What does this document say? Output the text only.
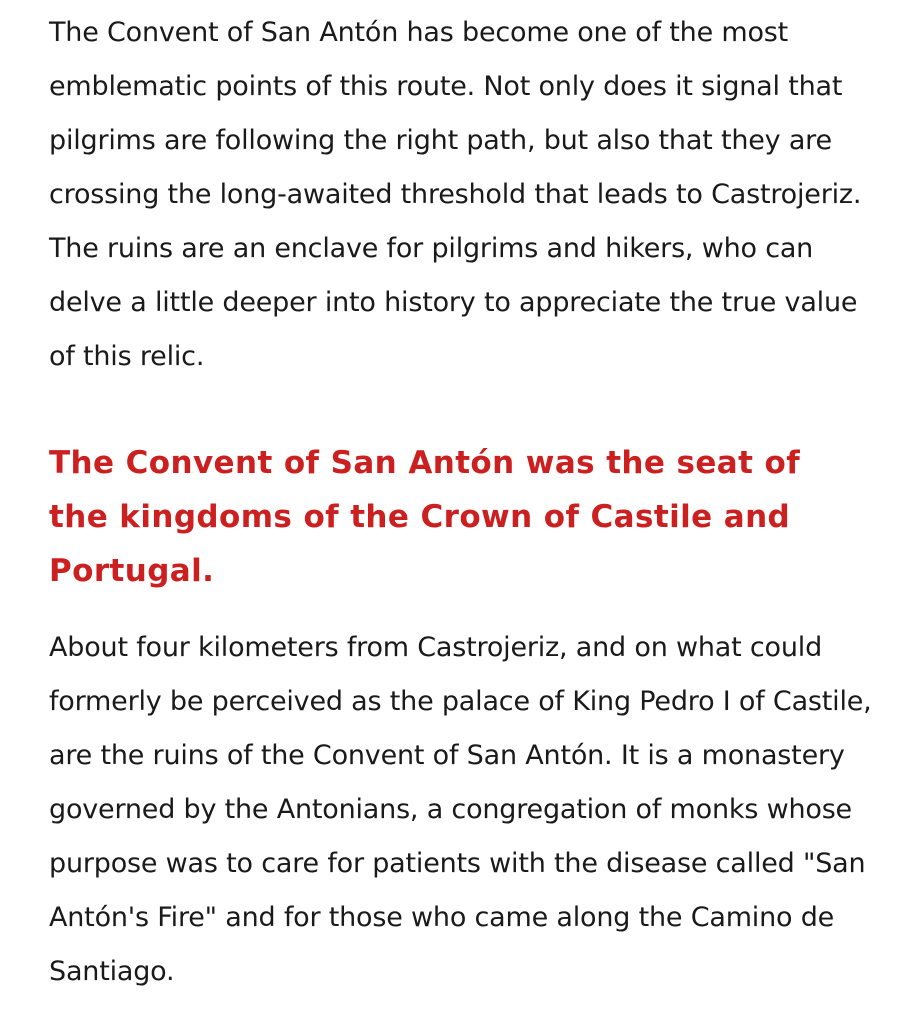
The Convent of San Antón has become one of the most emblematic points of this route. Not only does it signal that pilgrims are following the right path, but also that they are crossing the long-awaited threshold that leads to Castrojeriz. The ruins are an enclave for pilgrims and hikers, who can delve a little deeper into history to appreciate the true value of this relic.

The Convent of San Antón was the seat of the kingdoms of the Crown of Castile and Portugal.

About four kilometers from Castrojeriz, and on what could formerly be perceived as the palace of King Pedro I of Castile, are the ruins of the Convent of San Antón. It is a monastery governed by the Antonians, a congregation of monks whose purpose was to care for patients with the disease called "San Antón's Fire" and for those who came along the Camino de Santiago.
